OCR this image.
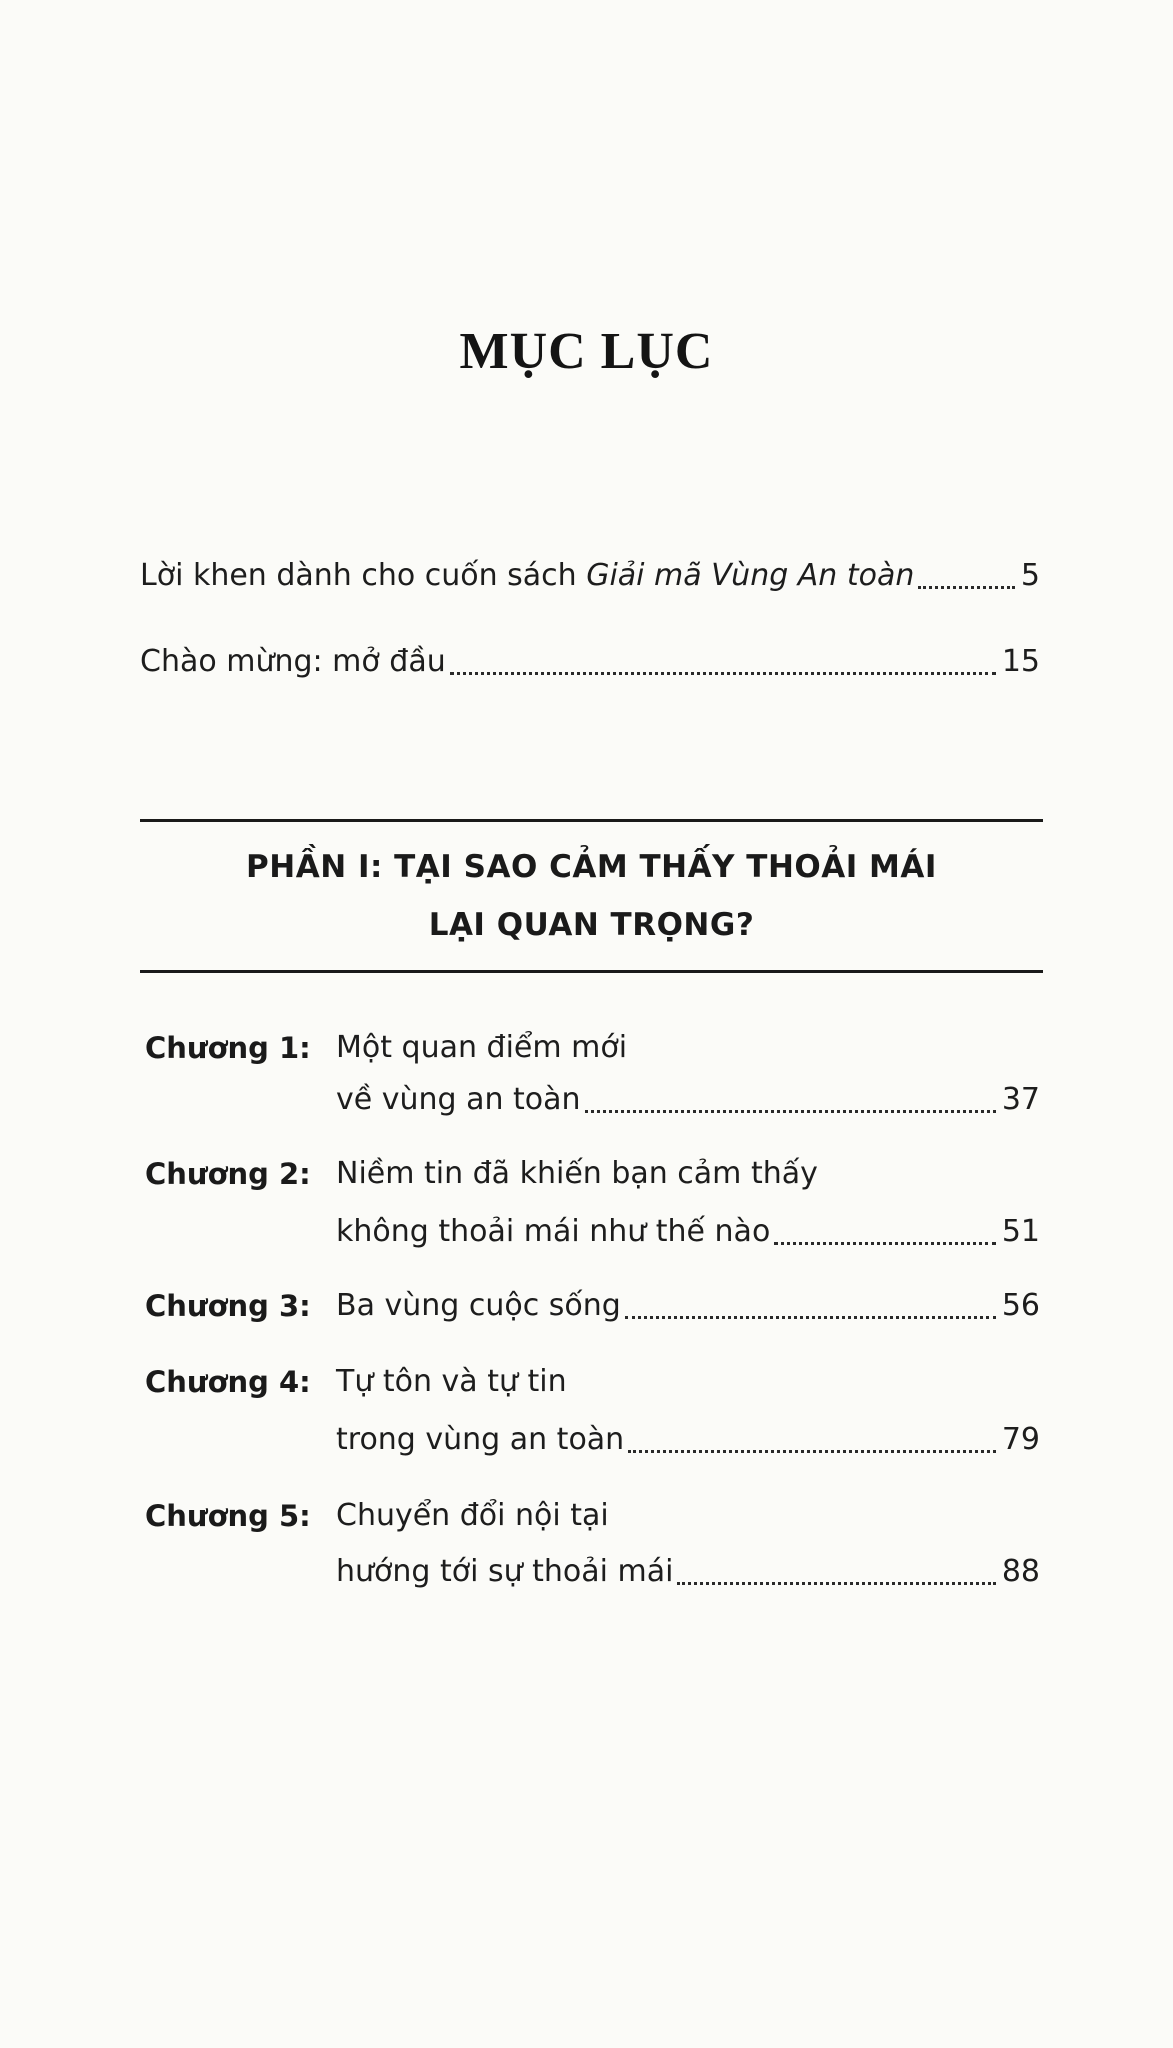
MỤC LỤC
Lời khen dành cho cuốn sách Giải mã Vùng An toàn	5
Chào mừng: mở đầu	15
PHẦN I: TẠI SAO CẢM THẤY THOẢI MÁI
LẠI QUAN TRỌNG?
Chương 1: Một quan điểm mới
về vùng an toàn	37
Chương 2: Niềm tin đã khiến bạn cảm thấy
không thoải mái như thế nào	51
Chương 3: Ba vùng cuộc sống	56
Chương 4: Tự tôn và tự tin
trong vùng an toàn	79
Chương 5: Chuyển đổi nội tại
hướng tới sự thoải mái	88
